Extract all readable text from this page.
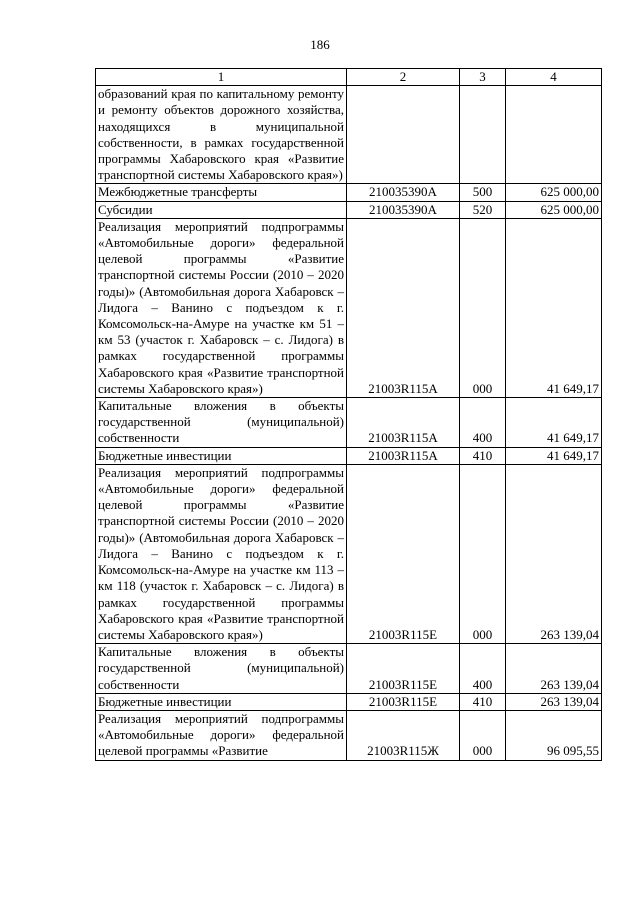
186
1	2	3	4
образований края по капитальному ремонту и ремонту объектов дорожного хозяйства, находящихся в муниципальной собственности, в рамках государственной программы Хабаровского края «Развитие транспортной системы Хабаровского края»)			
Межбюджетные трансферты	210035390А	500	625 000,00
Субсидии	210035390А	520	625 000,00
Реализация мероприятий подпрограммы «Автомобильные дороги» федеральной целевой программы «Развитие транспортной системы России (2010 – 2020 годы)» (Автомобильная дорога Хабаровск – Лидога – Ванино с подъездом к г. Комсомольск-на-Амуре на участке км 51 – км 53 (участок г. Хабаровск – с. Лидога) в рамках государственной программы Хабаровского края «Развитие транспортной системы Хабаровского края»)	21003R115А	000	41 649,17
Капитальные вложения в объекты государственной (муниципальной) собственности	21003R115А	400	41 649,17
Бюджетные инвестиции	21003R115А	410	41 649,17
Реализация мероприятий подпрограммы «Автомобильные дороги» федеральной целевой программы «Развитие транспортной системы России (2010 – 2020 годы)» (Автомобильная дорога Хабаровск – Лидога – Ванино с подъездом к г. Комсомольск-на-Амуре на участке км 113 – км 118 (участок г. Хабаровск – с. Лидога) в рамках государственной программы Хабаровского края «Развитие транспортной системы Хабаровского края»)	21003R115Е	000	263 139,04
Капитальные вложения в объекты государственной (муниципальной) собственности	21003R115Е	400	263 139,04
Бюджетные инвестиции	21003R115Е	410	263 139,04
Реализация мероприятий подпрограммы «Автомобильные дороги» федеральной целевой программы «Развитие	21003R115Ж	000	96 095,55
